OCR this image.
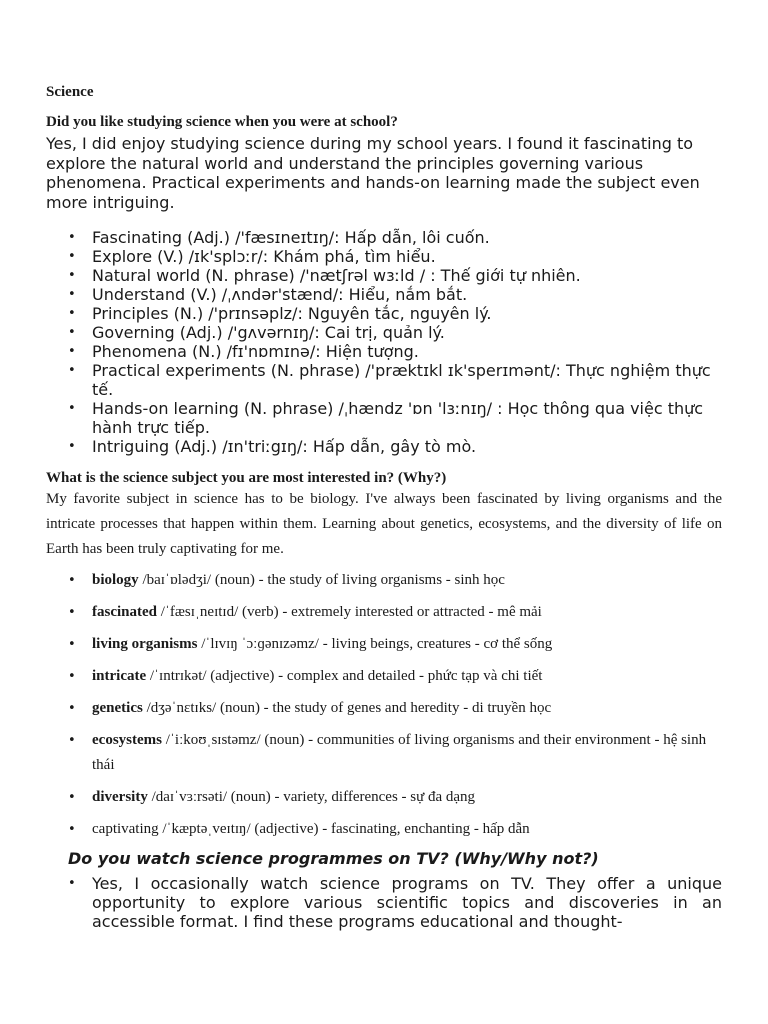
Science
Did you like studying science when you were at school?

Yes, I did enjoy studying science during my school years. I found it fascinating to explore the natural world and understand the principles governing various phenomena. Practical experiments and hands-on learning made the subject even more intriguing.

• Fascinating (Adj.) /'fæsɪneɪtɪŋ/: Hấp dẫn, lôi cuốn.
• Explore (V.) /ɪk'splɔːr/: Khám phá, tìm hiểu.
• Natural world (N. phrase) /'nætʃrəl wɜːld / : Thế giới tự nhiên.
• Understand (V.) /ˌʌndər'stænd/: Hiểu, nắm bắt.
• Principles (N.) /'prɪnsəplz/: Nguyên tắc, nguyên lý.
• Governing (Adj.) /'gʌvərnɪŋ/: Cai trị, quản lý.
• Phenomena (N.) /fɪ'nɒmɪnə/: Hiện tượng.
• Practical experiments (N. phrase) /'præktɪkl ɪk'sperɪmənt/: Thực nghiệm thực tế.
• Hands-on learning (N. phrase) /ˌhændz 'ɒn 'lɜːnɪŋ/ : Học thông qua việc thực hành trực tiếp.
• Intriguing (Adj.) /ɪn'triːgɪŋ/: Hấp dẫn, gây tò mò.
What is the science subject you are most interested in? (Why?)

My favorite subject in science has to be biology. I've always been fascinated by living organisms and the intricate processes that happen within them. Learning about genetics, ecosystems, and the diversity of life on Earth has been truly captivating for me.

• biology /baɪˈɒlədʒi/ (noun) - the study of living organisms - sinh học
• fascinated /ˈfæsɪˌneɪtɪd/ (verb) - extremely interested or attracted - mê mải
• living organisms /ˈlɪvɪŋ ˈɔːɡənɪzəmz/ - living beings, creatures - cơ thể sống
• intricate /ˈɪntrɪkət/ (adjective) - complex and detailed - phức tạp và chi tiết
• genetics /dʒəˈnɛtɪks/ (noun) - the study of genes and heredity - di truyền học
• ecosystems /ˈiːkoʊˌsɪstəmz/ (noun) - communities of living organisms and their environment - hệ sinh thái
• diversity /daɪˈvɜːrsəti/ (noun) - variety, differences - sự đa dạng
• captivating /ˈkæptəˌveɪtɪŋ/ (adjective) - fascinating, enchanting - hấp dẫn
Do you watch science programmes on TV? (Why/Why not?)
• Yes, I occasionally watch science programs on TV. They offer a unique opportunity to explore various scientific topics and discoveries in an accessible format. I find these programs educational and thought-
